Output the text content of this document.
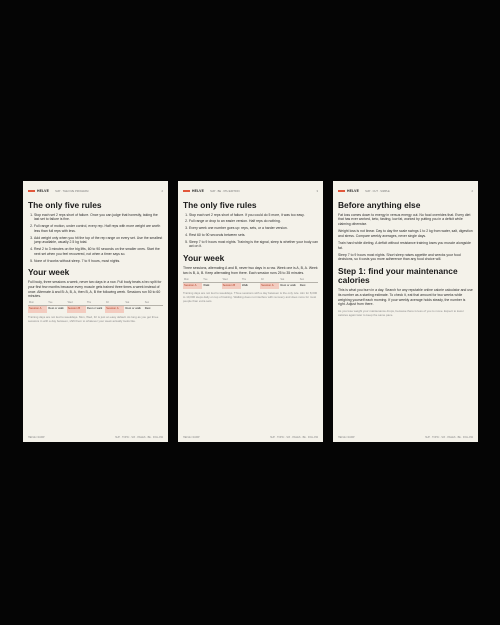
HELVE SUP · THE FIVE PROGRAM	2
The only five rules
1. Stop each set 2 reps short of failure. Once you can judge that honestly, taking the last set to failure is fine.
2. Full range of motion, under control, every rep. Half reps with more weight are worth less than full reps with less.
3. Add weight only when you hit the top of the rep range on every set. Use the smallest jump available, usually 2.5 kg total.
4. Rest 2 to 3 minutes on the big lifts, 60 to 90 seconds on the smaller ones. Start the next set when you feel recovered, not when a timer says so.
5. None of it works without sleep. 7 to 9 hours, most nights.
Your week

Full body, three sessions a week, never two days in a row. Full body beats a bro split for your first few months because every muscle gets trained three times a week instead of once. Alternate A and B: A, B, A, then B, A, B the following week. Sessions run 50 to 60 minutes.

Mon	Tue	Wed	Thu	Fri	Sat	Sun
Session A	Rest or walk	Session B	Rest or walk	Session A	Rest or walk	Rest

Training days are not tied to weekdays. Mon, Wed, Fri is just an easy default. As long as you get three sessions in with a day between, shift them to whatever your week actually looks like.

HELVE / RAMP	SUP · TOPIC · SIX · PAGES · BE · FOLLOW
HELVE SUP · BE · 6TH EDITION	3
The only five rules
1. Stop each set 2 reps short of failure. If you could do 5 more, it was too easy.
2. Full range or drop to an easier version. Half reps do nothing.
3. Every week one number goes up: reps, sets, or a harder version.
4. Rest 60 to 90 seconds between sets.
5. Sleep 7 to 9 hours most nights. Training is the signal, sleep is whether your body can act on it.
Your week

Three sessions, alternating A and B, never two days in a row. Week one is A, B, A. Week two is B, A, B. Keep alternating from there. Each session runs 25 to 35 minutes.

Mon	Tue	Wed	Thu	Fri	Sat	Sun
Session A	Walk	Session B	Walk	Session A	Rest or walk	Rest

Training days are not tied to weekdays. Three sessions with a day between is the only rule. Aim for 8,000 to 10,000 steps daily on top of training. Walking does not interfere with recovery and does more for most people than extra sets.

HELVE / RAMP	SUP · TOPIC · SIX · PAGES · BE · FOLLOW
HELVE SUP · CUT · SIMPLE	2
Before anything else

Fat loss comes down to energy in versus energy out. No food overrides that. Every diet that has ever worked, keto, fasting, low fat, worked by putting you in a deficit while claiming otherwise.

Weight loss is not linear. Day to day the scale swings 1 to 2 kg from water, salt, digestion and stress. Compare weekly averages, never single days.

Train hard while dieting. A deficit without resistance training loses you muscle alongside fat.

Sleep 7 to 9 hours most nights. Short sleep raises appetite and wrecks your food decisions, so it costs you more adherence than any food choice will.

Step 1: find your maintenance calories

This is what you burn in a day. Search for any reputable online calorie calculator and use its number as a starting estimate. To check it, eat that amount for two weeks while weighing yourself each morning. If your weekly average holds steady, the number is right. Adjust from there.

As you lose weight your maintenance drops, because there is less of you to move. Expect to lower calories again later to keep the same pace.

HELVE / RAMP	SUP · TOPIC · SIX · PAGES · BE · FOLLOW
